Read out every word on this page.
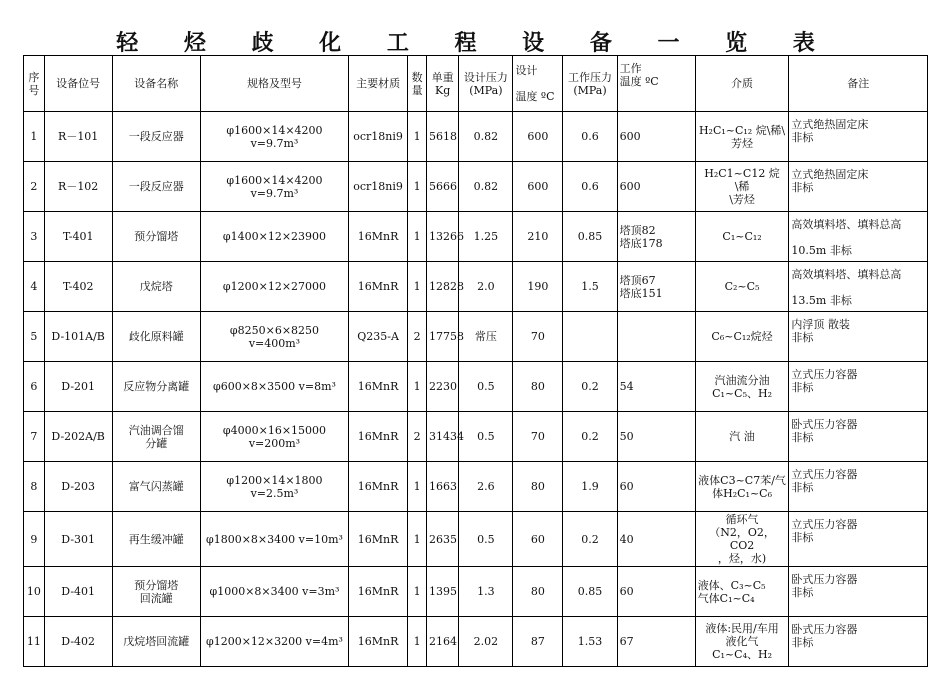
轻 烃 歧 化 工 程 设 备 一 览 表
序
号	设备位号	设备名称	规格及型号	主要材质	数
量	单重
Kg	设计压力
(MPa)	设计

温度 ºC	工作压力
(MPa)	工作
温度 ºC	介质	备注
1	R－101	一段反应器	φ1600×14×4200
v=9.7m³	ocr18ni9	1	5618	0.82	600	0.6	600	H₂C₁~C₁₂ 烷\稀\
芳烃	立式绝热固定床
非标
2	R－102	一段反应器	φ1600×14×4200
v=9.7m³	ocr18ni9	1	5666	0.82	600	0.6	600	H₂C1~C12 烷\稀
\芳烃	立式绝热固定床
非标
3	T-401	预分馏塔	φ1400×12×23900	16MnR	1	13266	1.25	210	0.85	塔顶82
塔底178	C₁~C₁₂	高效填料塔、填料总高

10.5m 非标
4	T-402	戊烷塔	φ1200×12×27000	16MnR	1	12828	2.0	190	1.5	塔顶67
塔底151	C₂~C₅	高效填料塔、填料总高

13.5m 非标
5	D-101A/B	歧化原料罐	φ8250×6×8250 v=400m³	Q235-A	2	17758	常压	70			C₆~C₁₂烷烃	内浮顶 散装
非标
6	D-201	反应物分离罐	φ600×8×3500 v=8m³	16MnR	1	2230	0.5	80	0.2	54	汽油流分油
C₁~C₅、H₂	立式压力容器
非标
7	D-202A/B	汽油调合馏
分罐	φ4000×16×15000
v=200m³	16MnR	2	31434	0.5	70	0.2	50	汽 油	卧式压力容器
非标
8	D-203	富气闪蒸罐	φ1200×14×1800
v=2.5m³	16MnR	1	1663	2.6	80	1.9	60	液体C3~C7苯/气
体H₂C₁~C₆	立式压力容器
非标
9	D-301	再生缓冲罐	φ1800×8×3400 v=10m³	16MnR	1	2635	0.5	60	0.2	40	循环气
（N2，O2，CO2
，烃，水)	立式压力容器
非标
10	D-401	预分馏塔
回流罐	φ1000×8×3400 v=3m³	16MnR	1	1395	1.3	80	0.85	60	液体、C₃~C₅
气体C₁~C₄	卧式压力容器
非标
11	D-402	戊烷塔回流罐	φ1200×12×3200 v=4m³	16MnR	1	2164	2.02	87	1.53	67	液体:民用/车用
液化气
C₁~C₄、H₂	卧式压力容器
非标
